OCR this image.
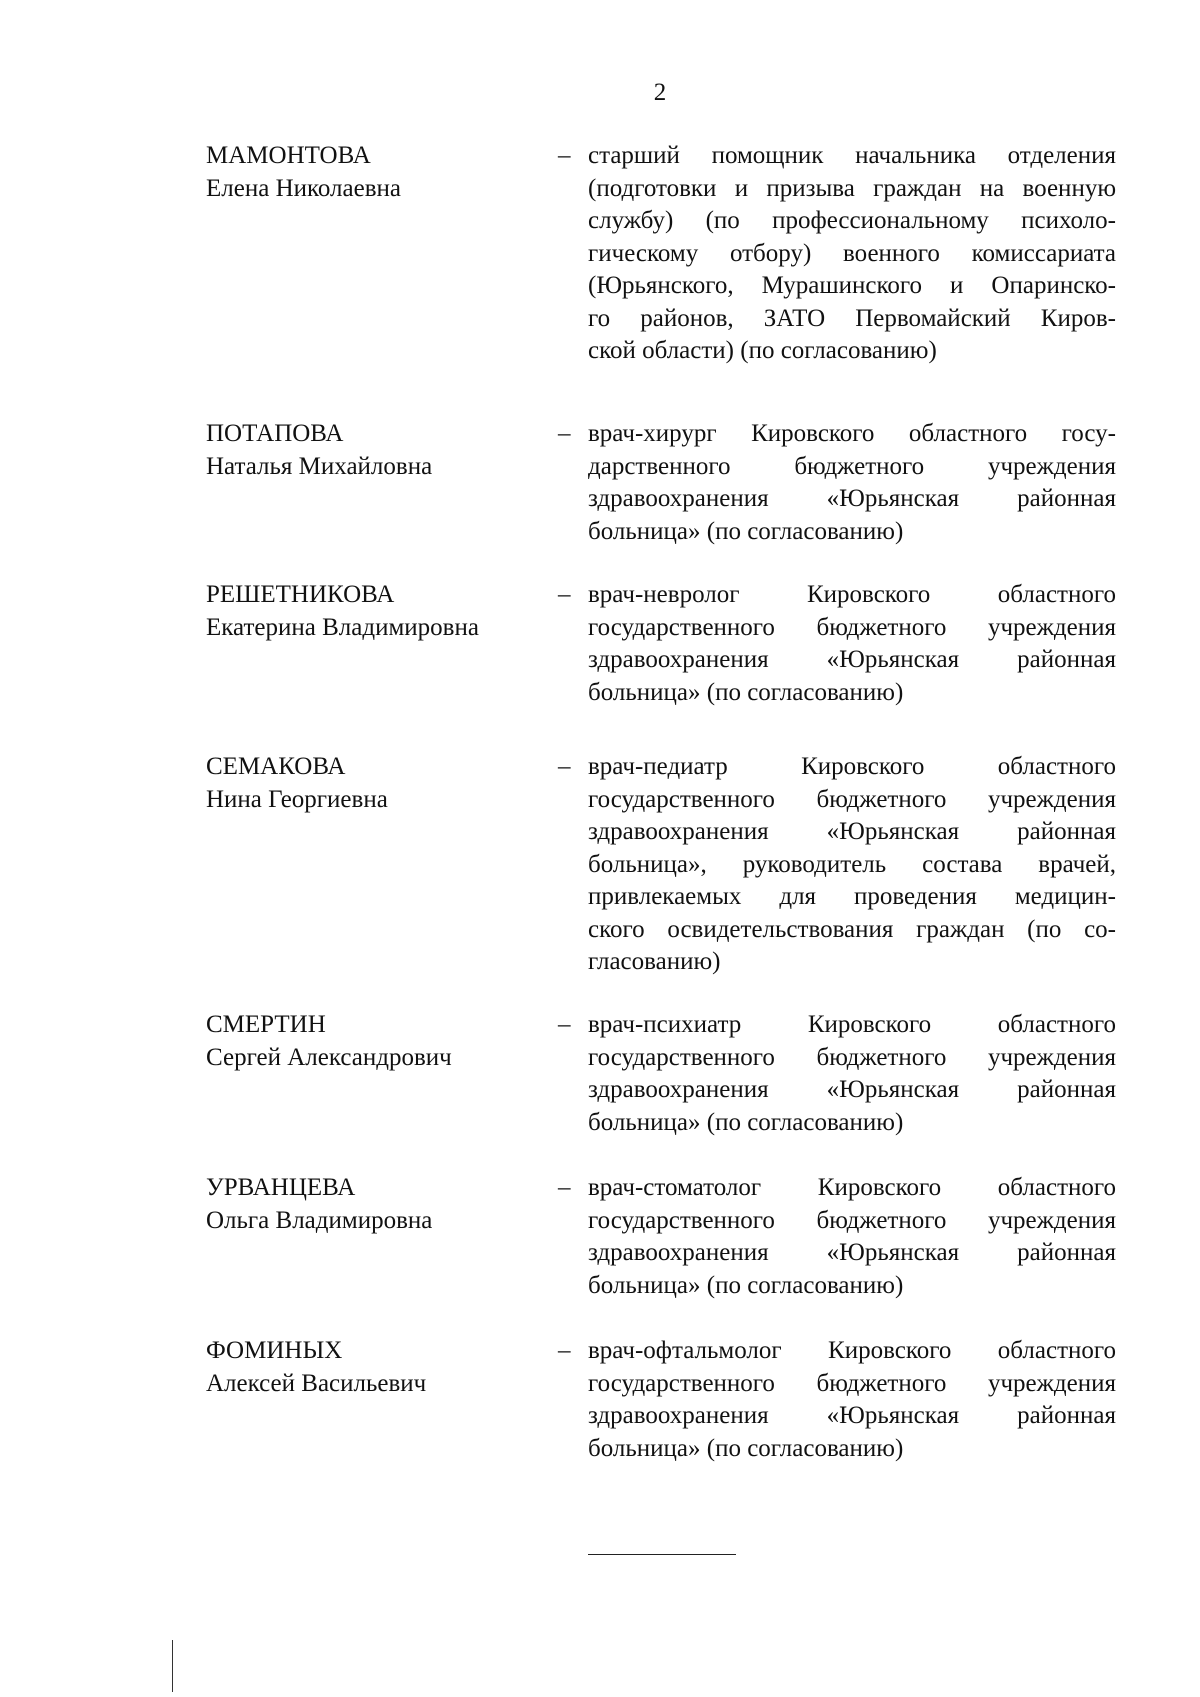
2
МАМОНТОВА
Елена Николаевна
– старший помощник начальника отделения
(подготовки и призыва граждан на военную
службу) (по профессиональному психоло-
гическому отбору) военного комиссариата
(Юрьянского, Мурашинского и Опаринско-
го районов, ЗАТО Первомайский Киров-
ской области) (по согласованию)
ПОТАПОВА
Наталья Михайловна
– врач-хирург Кировского областного госу-
дарственного бюджетного учреждения
здравоохранения «Юрьянская районная
больница» (по согласованию)
РЕШЕТНИКОВА
Екатерина Владимировна
– врач-невролог Кировского областного
государственного бюджетного учреждения
здравоохранения «Юрьянская районная
больница» (по согласованию)
СЕМАКОВА
Нина Георгиевна
– врач-педиатр Кировского областного
государственного бюджетного учреждения
здравоохранения «Юрьянская районная
больница», руководитель состава врачей,
привлекаемых для проведения медицин-
ского освидетельствования граждан (по со-
гласованию)
СМЕРТИН
Сергей Александрович
– врач-психиатр Кировского областного
государственного бюджетного учреждения
здравоохранения «Юрьянская районная
больница» (по согласованию)
УРВАНЦЕВА
Ольга Владимировна
– врач-стоматолог Кировского областного
государственного бюджетного учреждения
здравоохранения «Юрьянская районная
больница» (по согласованию)
ФОМИНЫХ
Алексей Васильевич
– врач-офтальмолог Кировского областного
государственного бюджетного учреждения
здравоохранения «Юрьянская районная
больница» (по согласованию)
